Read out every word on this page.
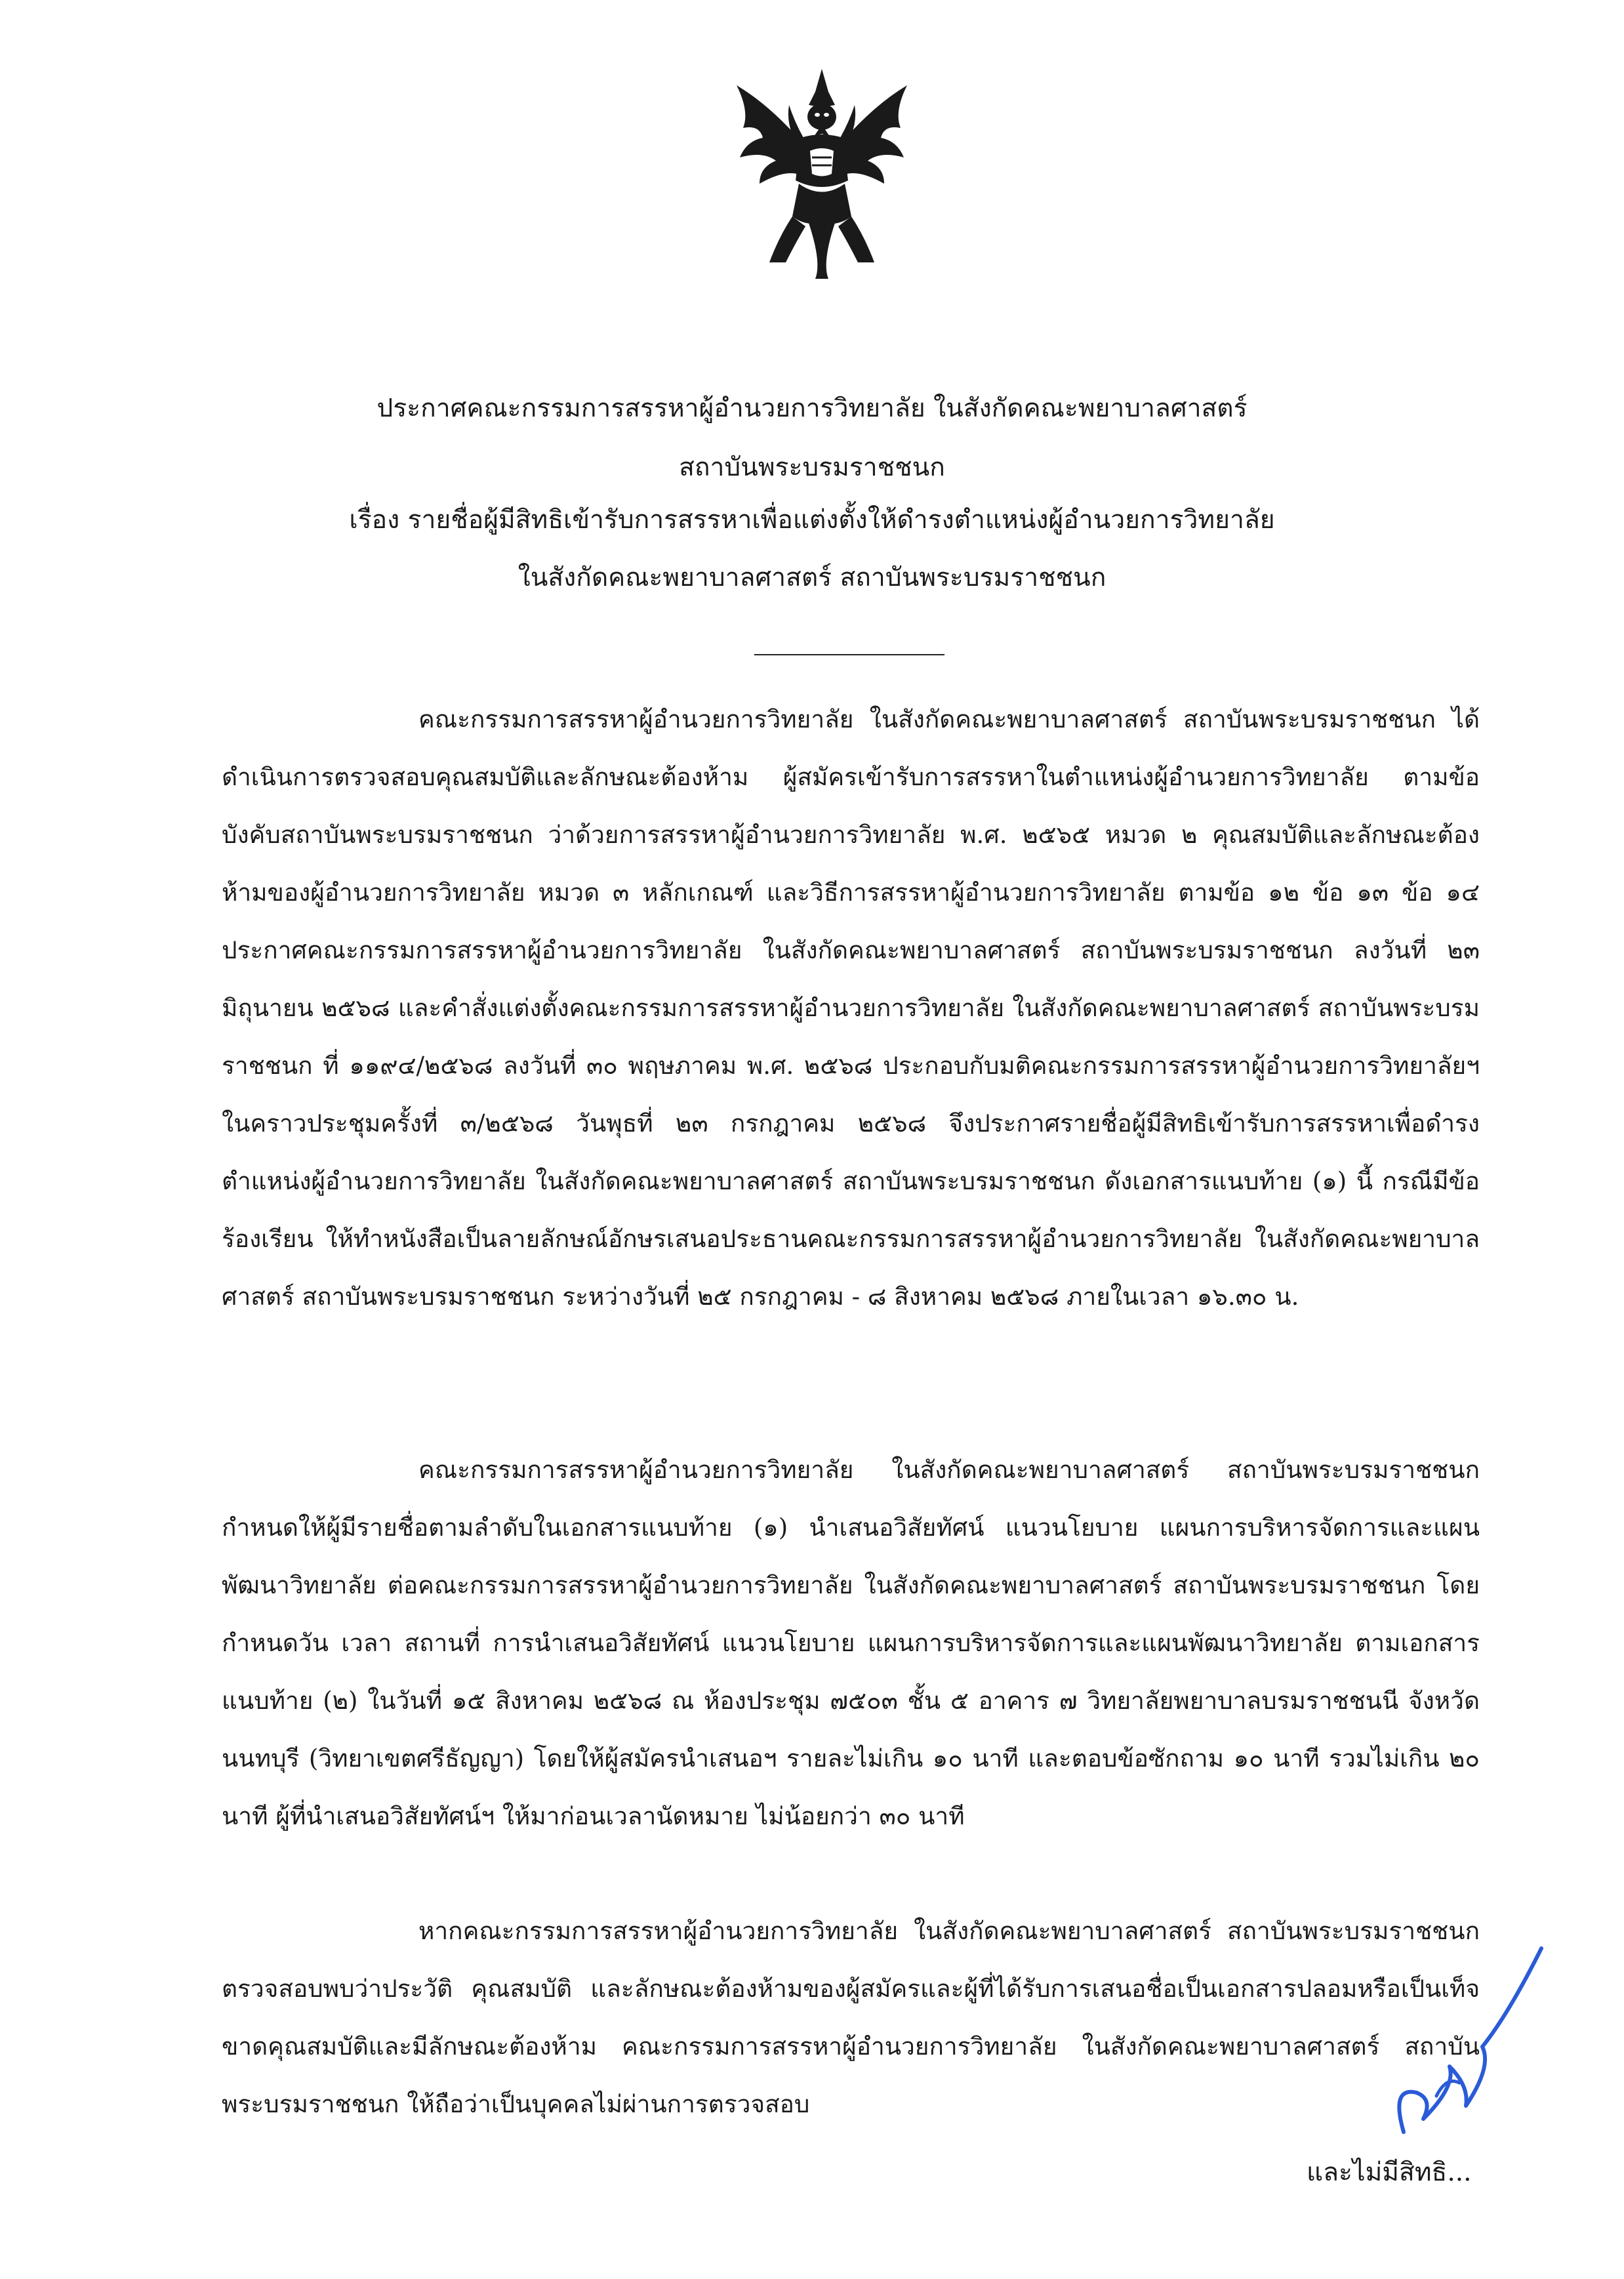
ประกาศคณะกรรมการสรรหาผู้อำนวยการวิทยาลัย ในสังกัดคณะพยาบาลศาสตร์
สถาบันพระบรมราชชนก
เรื่อง รายชื่อผู้มีสิทธิเข้ารับการสรรหาเพื่อแต่งตั้งให้ดำรงตำแหน่งผู้อำนวยการวิทยาลัย
ในสังกัดคณะพยาบาลศาสตร์ สถาบันพระบรมราชชนก

คณะกรรมการสรรหาผู้อำนวยการวิทยาลัย ในสังกัดคณะพยาบาลศาสตร์ สถาบันพระบรมราชชนก ได้ดำเนินการตรวจสอบคุณสมบัติและลักษณะต้องห้าม ผู้สมัครเข้ารับการสรรหาในตำแหน่งผู้อำนวยการวิทยาลัย ตามข้อบังคับสถาบันพระบรมราชชนก ว่าด้วยการสรรหาผู้อำนวยการวิทยาลัย พ.ศ. ๒๕๖๕ หมวด ๒ คุณสมบัติและลักษณะต้องห้ามของผู้อำนวยการวิทยาลัย หมวด ๓ หลักเกณฑ์ และวิธีการสรรหาผู้อำนวยการวิทยาลัย ตามข้อ ๑๒ ข้อ ๑๓ ข้อ ๑๔ ประกาศคณะกรรมการสรรหาผู้อำนวยการวิทยาลัย ในสังกัดคณะพยาบาลศาสตร์ สถาบันพระบรมราชชนก ลงวันที่ ๒๓ มิถุนายน ๒๕๖๘ และคำสั่งแต่งตั้งคณะกรรมการสรรหาผู้อำนวยการวิทยาลัย ในสังกัดคณะพยาบาลศาสตร์ สถาบันพระบรมราชชนก ที่ ๑๑๙๔/๒๕๖๘ ลงวันที่ ๓๐ พฤษภาคม พ.ศ. ๒๕๖๘ ประกอบกับมติคณะกรรมการสรรหาผู้อำนวยการวิทยาลัยฯ ในคราวประชุมครั้งที่ ๓/๒๕๖๘ วันพุธที่ ๒๓ กรกฎาคม ๒๕๖๘ จึงประกาศรายชื่อผู้มีสิทธิเข้ารับการสรรหาเพื่อดำรงตำแหน่งผู้อำนวยการวิทยาลัย ในสังกัดคณะพยาบาลศาสตร์ สถาบันพระบรมราชชนก ดังเอกสารแนบท้าย (๑) นี้ กรณีมีข้อร้องเรียน ให้ทำหนังสือเป็นลายลักษณ์อักษรเสนอประธานคณะกรรมการสรรหาผู้อำนวยการวิทยาลัย ในสังกัดคณะพยาบาลศาสตร์ สถาบันพระบรมราชชนก ระหว่างวันที่ ๒๕ กรกฎาคม - ๘ สิงหาคม ๒๕๖๘ ภายในเวลา ๑๖.๓๐ น.

คณะกรรมการสรรหาผู้อำนวยการวิทยาลัย ในสังกัดคณะพยาบาลศาสตร์ สถาบันพระบรมราชชนก กำหนดให้ผู้มีรายชื่อตามลำดับในเอกสารแนบท้าย (๑) นำเสนอวิสัยทัศน์ แนวนโยบาย แผนการบริหารจัดการและแผนพัฒนาวิทยาลัย ต่อคณะกรรมการสรรหาผู้อำนวยการวิทยาลัย ในสังกัดคณะพยาบาลศาสตร์ สถาบันพระบรมราชชนก โดยกำหนดวัน เวลา สถานที่ การนำเสนอวิสัยทัศน์ แนวนโยบาย แผนการบริหารจัดการและแผนพัฒนาวิทยาลัย ตามเอกสารแนบท้าย (๒) ในวันที่ ๑๕ สิงหาคม ๒๕๖๘ ณ ห้องประชุม ๗๕๐๓ ชั้น ๕ อาคาร ๗ วิทยาลัยพยาบาลบรมราชชนนี จังหวัดนนทบุรี (วิทยาเขตศรีธัญญา) โดยให้ผู้สมัครนำเสนอฯ รายละไม่เกิน ๑๐ นาที และตอบข้อซักถาม ๑๐ นาที รวมไม่เกิน ๒๐ นาที ผู้ที่นำเสนอวิสัยทัศน์ฯ ให้มาก่อนเวลานัดหมาย ไม่น้อยกว่า ๓๐ นาที

หากคณะกรรมการสรรหาผู้อำนวยการวิทยาลัย ในสังกัดคณะพยาบาลศาสตร์ สถาบันพระบรมราชชนก ตรวจสอบพบว่าประวัติ คุณสมบัติ และลักษณะต้องห้ามของผู้สมัครและผู้ที่ได้รับการเสนอชื่อเป็นเอกสารปลอมหรือเป็นเท็จ ขาดคุณสมบัติและมีลักษณะต้องห้าม คณะกรรมการสรรหาผู้อำนวยการวิทยาลัย ในสังกัดคณะพยาบาลศาสตร์ สถาบันพระบรมราชชนก ให้ถือว่าเป็นบุคคลไม่ผ่านการตรวจสอบ

และไม่มีสิทธิ...
